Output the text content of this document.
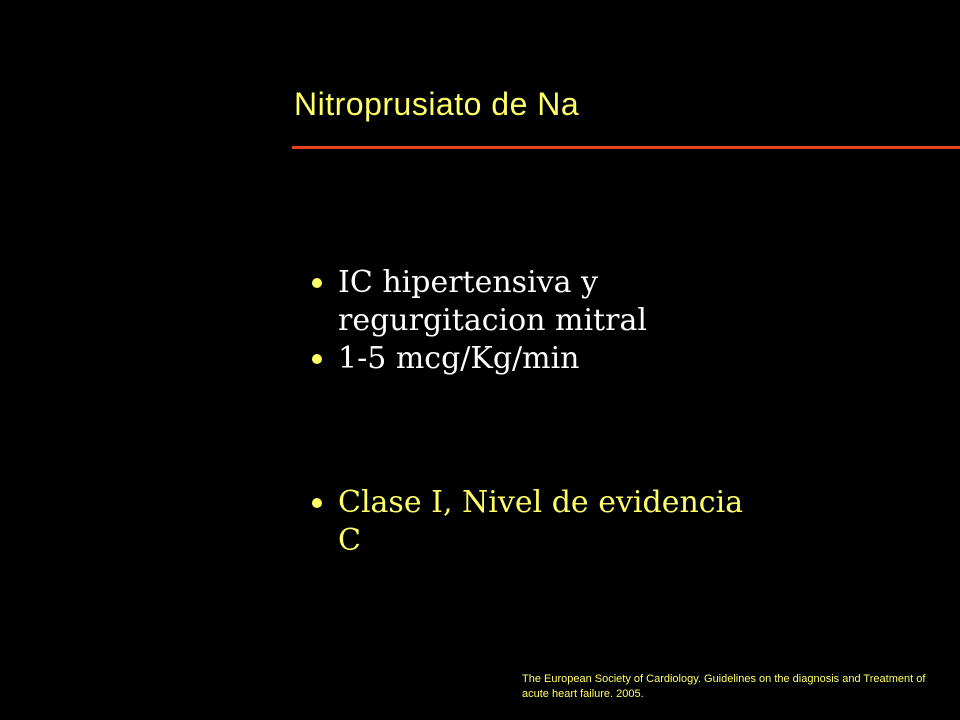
Nitroprusiato de Na
IC hipertensiva y regurgitacion mitral
1-5 mcg/Kg/min
Clase I, Nivel de evidencia C
The European Society of Cardiology. Guidelines on the diagnosis and Treatment of acute heart failure. 2005.
